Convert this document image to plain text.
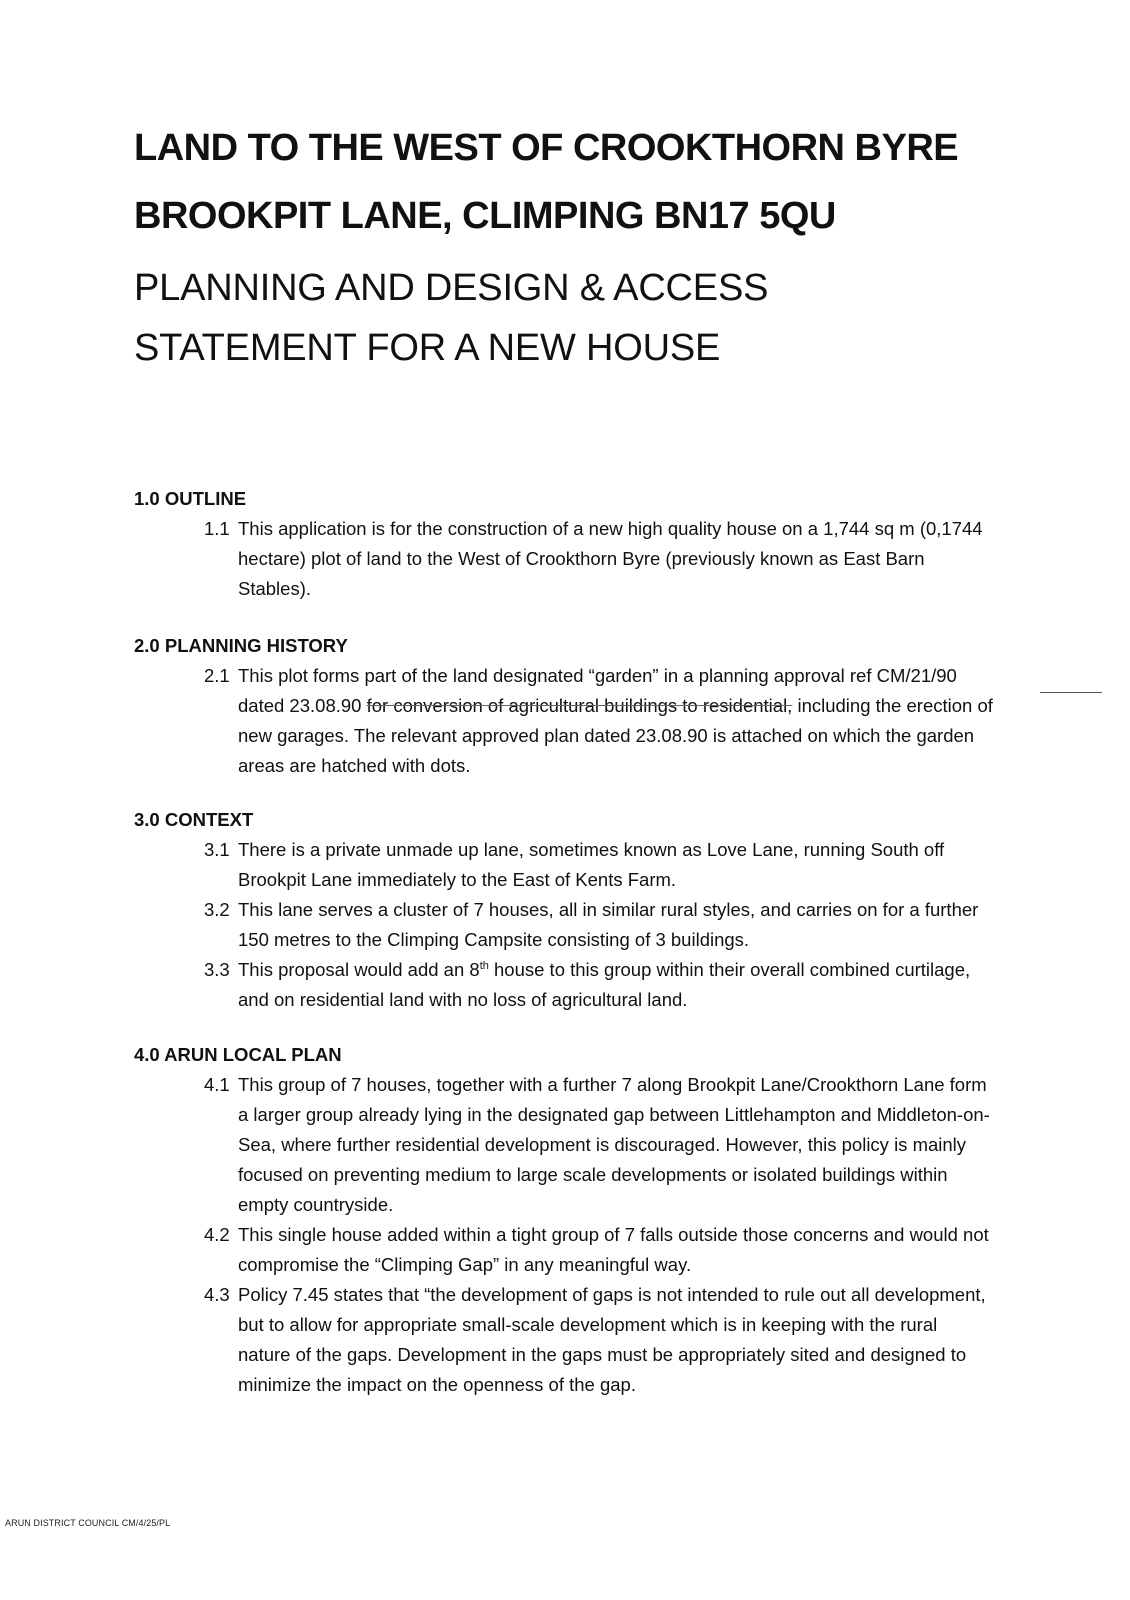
LAND TO THE WEST OF CROOKTHORN BYRE

BROOKPIT LANE, CLIMPING BN17 5QU

PLANNING AND DESIGN & ACCESS

STATEMENT FOR A NEW HOUSE

1.0 OUTLINE

1.1 This application is for the construction of a new high quality house on a 1,744 sq m (0,1744 hectare) plot of land to the West of Crookthorn Byre (previously known as East Barn Stables).

2.0 PLANNING HISTORY

2.1 This plot forms part of the land designated “garden” in a planning approval ref CM/21/90 dated 23.08.90 for conversion of agricultural buildings to residential, including the erection of new garages. The relevant approved plan dated 23.08.90 is attached on which the garden areas are hatched with dots.

3.0 CONTEXT

3.1 There is a private unmade up lane, sometimes known as Love Lane, running South off Brookpit Lane immediately to the East of Kents Farm.
3.2 This lane serves a cluster of 7 houses, all in similar rural styles, and carries on for a further 150 metres to the Climping Campsite consisting of 3 buildings.
3.3 This proposal would add an 8th house to this group within their overall combined curtilage, and on residential land with no loss of agricultural land.

4.0 ARUN LOCAL PLAN

4.1 This group of 7 houses, together with a further 7 along Brookpit Lane/Crookthorn Lane form a larger group already lying in the designated gap between Littlehampton and Middleton-on-Sea, where further residential development is discouraged. However, this policy is mainly focused on preventing medium to large scale developments or isolated buildings within empty countryside.
4.2 This single house added within a tight group of 7 falls outside those concerns and would not compromise the “Climping Gap” in any meaningful way.
4.3 Policy 7.45 states that “the development of gaps is not intended to rule out all development, but to allow for appropriate small-scale development which is in keeping with the rural nature of the gaps. Development in the gaps must be appropriately sited and designed to minimize the impact on the openness of the gap.
ARUN DISTRICT COUNCIL CM/4/25/PL
